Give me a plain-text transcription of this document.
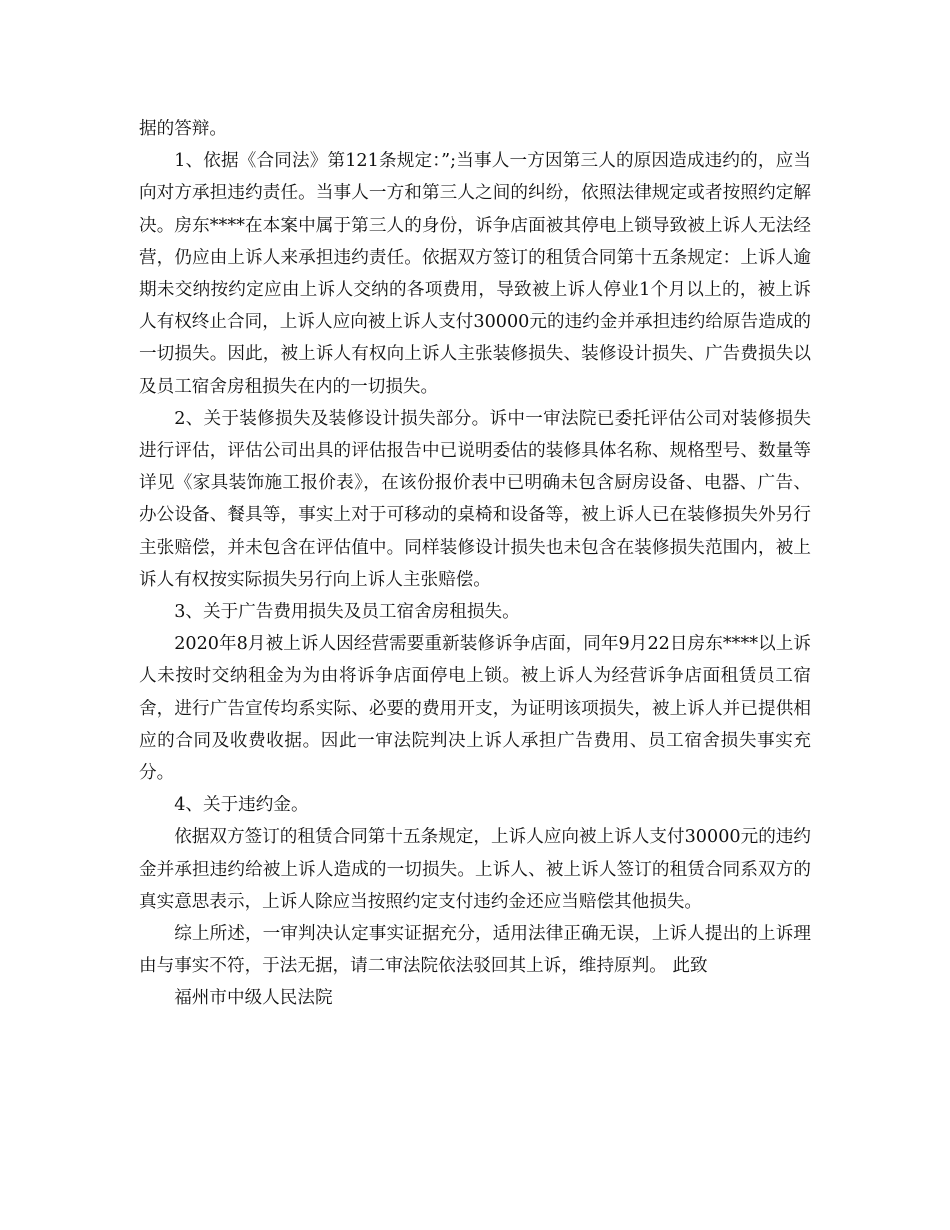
据的答辩。

1、依据《合同法》第121条规定：”;当事人一方因第三人的原因造成违约的，应当向对方承担违约责任。当事人一方和第三人之间的纠纷，依照法律规定或者按照约定解决。房东****在本案中属于第三人的身份，诉争店面被其停电上锁导致被上诉人无法经营，仍应由上诉人来承担违约责任。依据双方签订的租赁合同第十五条规定：上诉人逾期未交纳按约定应由上诉人交纳的各项费用，导致被上诉人停业1个月以上的，被上诉人有权终止合同，上诉人应向被上诉人支付30000元的违约金并承担违约给原告造成的一切损失。因此，被上诉人有权向上诉人主张装修损失、装修设计损失、广告费损失以及员工宿舍房租损失在内的一切损失。

2、关于装修损失及装修设计损失部分。诉中一审法院已委托评估公司对装修损失进行评估，评估公司出具的评估报告中已说明委估的装修具体名称、规格型号、数量等详见《家具装饰施工报价表》，在该份报价表中已明确未包含厨房设备、电器、广告、办公设备、餐具等，事实上对于可移动的桌椅和设备等，被上诉人已在装修损失外另行主张赔偿，并未包含在评估值中。同样装修设计损失也未包含在装修损失范围内，被上诉人有权按实际损失另行向上诉人主张赔偿。

3、关于广告费用损失及员工宿舍房租损失。

2020年8月被上诉人因经营需要重新装修诉争店面，同年9月22日房东****以上诉人未按时交纳租金为为由将诉争店面停电上锁。被上诉人为经营诉争店面租赁员工宿舍，进行广告宣传均系实际、必要的费用开支，为证明该项损失，被上诉人并已提供相应的合同及收费收据。因此一审法院判决上诉人承担广告费用、员工宿舍损失事实充分。

4、关于违约金。

依据双方签订的租赁合同第十五条规定，上诉人应向被上诉人支付30000元的违约金并承担违约给被上诉人造成的一切损失。上诉人、被上诉人签订的租赁合同系双方的真实意思表示，上诉人除应当按照约定支付违约金还应当赔偿其他损失。

综上所述，一审判决认定事实证据充分，适用法律正确无误，上诉人提出的上诉理由与事实不符，于法无据，请二审法院依法驳回其上诉，维持原判。 此致

福州市中级人民法院
